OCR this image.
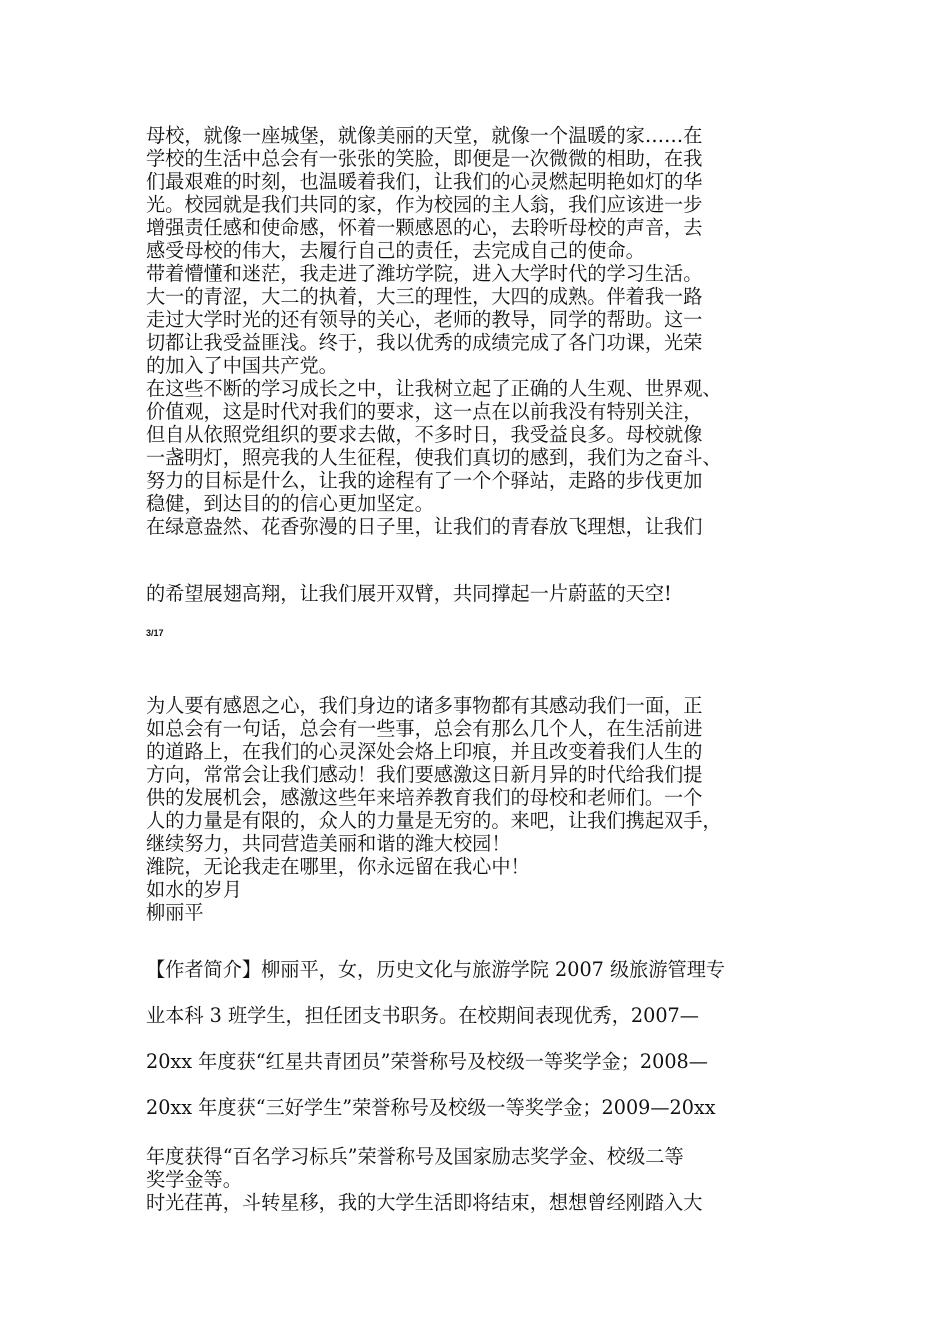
母校，就像一座城堡，就像美丽的天堂，就像一个温暖的家……在
学校的生活中总会有一张张的笑脸，即便是一次微微的相助，在我
们最艰难的时刻，也温暖着我们，让我们的心灵燃起明艳如灯的华
光。校园就是我们共同的家，作为校园的主人翁，我们应该进一步
增强责任感和使命感，怀着一颗感恩的心，去聆听母校的声音，去
感受母校的伟大，去履行自己的责任，去完成自己的使命。
带着懵懂和迷茫，我走进了潍坊学院，进入大学时代的学习生活。
大一的青涩，大二的执着，大三的理性，大四的成熟。伴着我一路
走过大学时光的还有领导的关心，老师的教导，同学的帮助。这一
切都让我受益匪浅。终于，我以优秀的成绩完成了各门功课，光荣
的加入了中国共产党。
在这些不断的学习成长之中，让我树立起了正确的人生观、世界观、
价值观，这是时代对我们的要求，这一点在以前我没有特别关注，
但自从依照党组织的要求去做，不多时日，我受益良多。母校就像
一盏明灯，照亮我的人生征程，使我们真切的感到，我们为之奋斗、
努力的目标是什么，让我的途程有了一个个驿站，走路的步伐更加
稳健，到达目的的信心更加坚定。
在绿意盎然、花香弥漫的日子里，让我们的青春放飞理想，让我们
的希望展翅高翔，让我们展开双臂，共同撑起一片蔚蓝的天空!
3/17
为人要有感恩之心，我们身边的诸多事物都有其感动我们一面，正
如总会有一句话，总会有一些事，总会有那么几个人，在生活前进
的道路上，在我们的心灵深处会烙上印痕，并且改变着我们人生的
方向，常常会让我们感动！我们要感激这日新月异的时代给我们提
供的发展机会，感激这些年来培养教育我们的母校和老师们。一个
人的力量是有限的，众人的力量是无穷的。来吧，让我们携起双手，
继续努力，共同营造美丽和谐的潍大校园！
潍院，无论我走在哪里，你永远留在我心中！
如水的岁月
柳丽平
【作者简介】柳丽平，女，历史文化与旅游学院 2007 级旅游管理专
业本科 3 班学生，担任团支书职务。在校期间表现优秀，2007—
20xx 年度获“红星共青团员”荣誉称号及校级一等奖学金；2008—
20xx 年度获“三好学生”荣誉称号及校级一等奖学金；2009—20xx
年度获得“百名学习标兵”荣誉称号及国家励志奖学金、校级二等
奖学金等。
时光荏苒，斗转星移，我的大学生活即将结束，想想曾经刚踏入大
